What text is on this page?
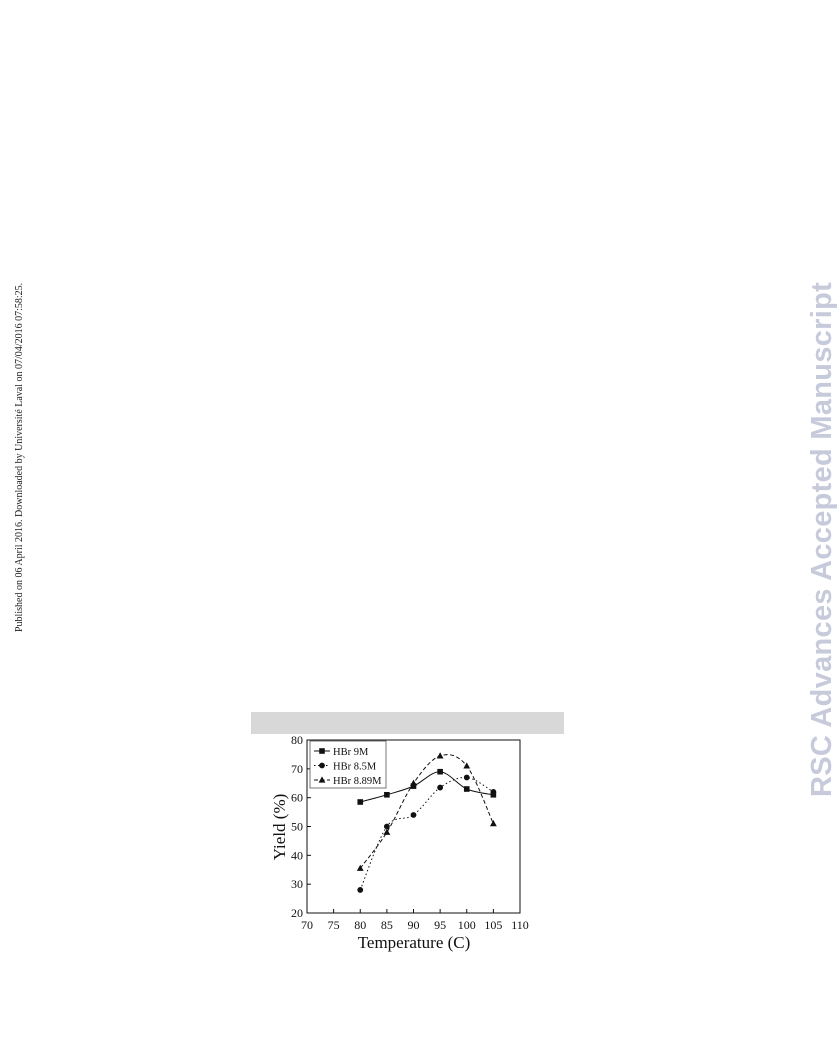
Published on 06 April 2016. Downloaded by Université Laval on 07/04/2016 07:58:25.	RSC Advances Accepted Manuscript
70 75 80 85 90 95 100 105 110
20
30
40
50
60
70
80
HBr 9M
HBr 8.5M
HBr 8.89M
Temperature (C)
Yield (%)
